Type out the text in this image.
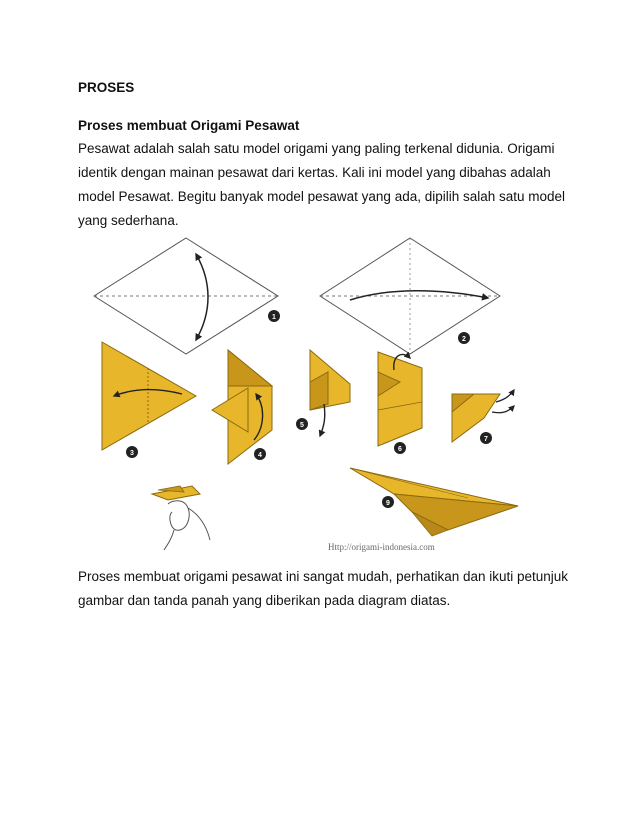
PROSES
Proses membuat Origami Pesawat
Pesawat adalah salah satu model origami yang paling terkenal didunia. Origami identik dengan mainan pesawat dari kertas. Kali ini model yang dibahas adalah model Pesawat. Begitu banyak model pesawat yang ada, dipilih salah satu model yang sederhana.
1
2
3	4
5
6
7
9
Http://origami-indonesia.com
Proses membuat origami pesawat ini sangat mudah, perhatikan dan ikuti petunjuk gambar dan tanda panah yang diberikan pada diagram diatas.
